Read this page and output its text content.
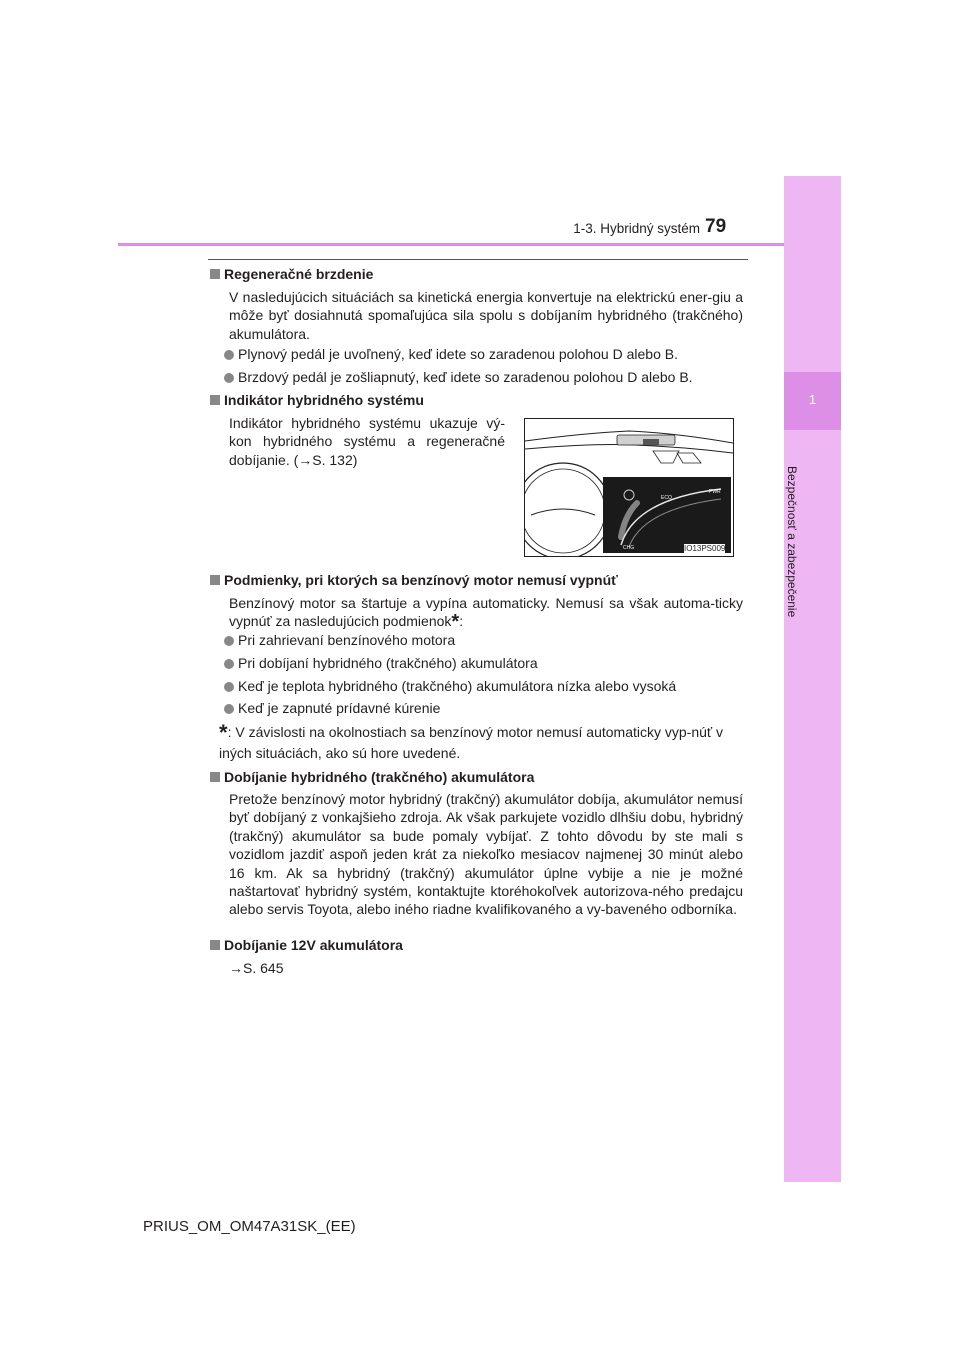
1
Bezpečnosť a zabezpečenie
1-3. Hybridný systém 79
Regeneračné brzdenie
V nasledujúcich situáciách sa kinetická energia konvertuje na elektrickú ener-giu a môže byť dosiahnutá spomaľujúca sila spolu s dobíjaním hybridného (trakčného) akumulátora.
Plynový pedál je uvoľnený, keď idete so zaradenou polohou D alebo B.
Brzdový pedál je zošliapnutý, keď idete so zaradenou polohou D alebo B.
Indikátor hybridného systému
Indikátor hybridného systému ukazuje vý-kon hybridného systému a regeneračné dobíjanie. (→S. 132)
ECO
PWR
CHG	IO13PS009
Podmienky, pri ktorých sa benzínový motor nemusí vypnúť
Benzínový motor sa štartuje a vypína automaticky. Nemusí sa však automa-ticky vypnúť za nasledujúcich podmienok*:
Pri zahrievaní benzínového motora
Pri dobíjaní hybridného (trakčného) akumulátora
Keď je teplota hybridného (trakčného) akumulátora nízka alebo vysoká
Keď je zapnuté prídavné kúrenie
*: V závislosti na okolnostiach sa benzínový motor nemusí automaticky vyp-núť v iných situáciách, ako sú hore uvedené.
Dobíjanie hybridného (trakčného) akumulátora
Pretože benzínový motor hybridný (trakčný) akumulátor dobíja, akumulátor nemusí byť dobíjaný z vonkajšieho zdroja. Ak však parkujete vozidlo dlhšiu dobu, hybridný (trakčný) akumulátor sa bude pomaly vybíjať. Z tohto dôvodu by ste mali s vozidlom jazdiť aspoň jeden krát za niekoľko mesiacov najmenej 30 minút alebo 16 km. Ak sa hybridný (trakčný) akumulátor úplne vybije a nie je možné naštartovať hybridný systém, kontaktujte ktoréhokoľvek autorizova-ného predajcu alebo servis Toyota, alebo iného riadne kvalifikovaného a vy-baveného odborníka.
Dobíjanie 12V akumulátora
→S. 645
PRIUS_OM_OM47A31SK_(EE)
